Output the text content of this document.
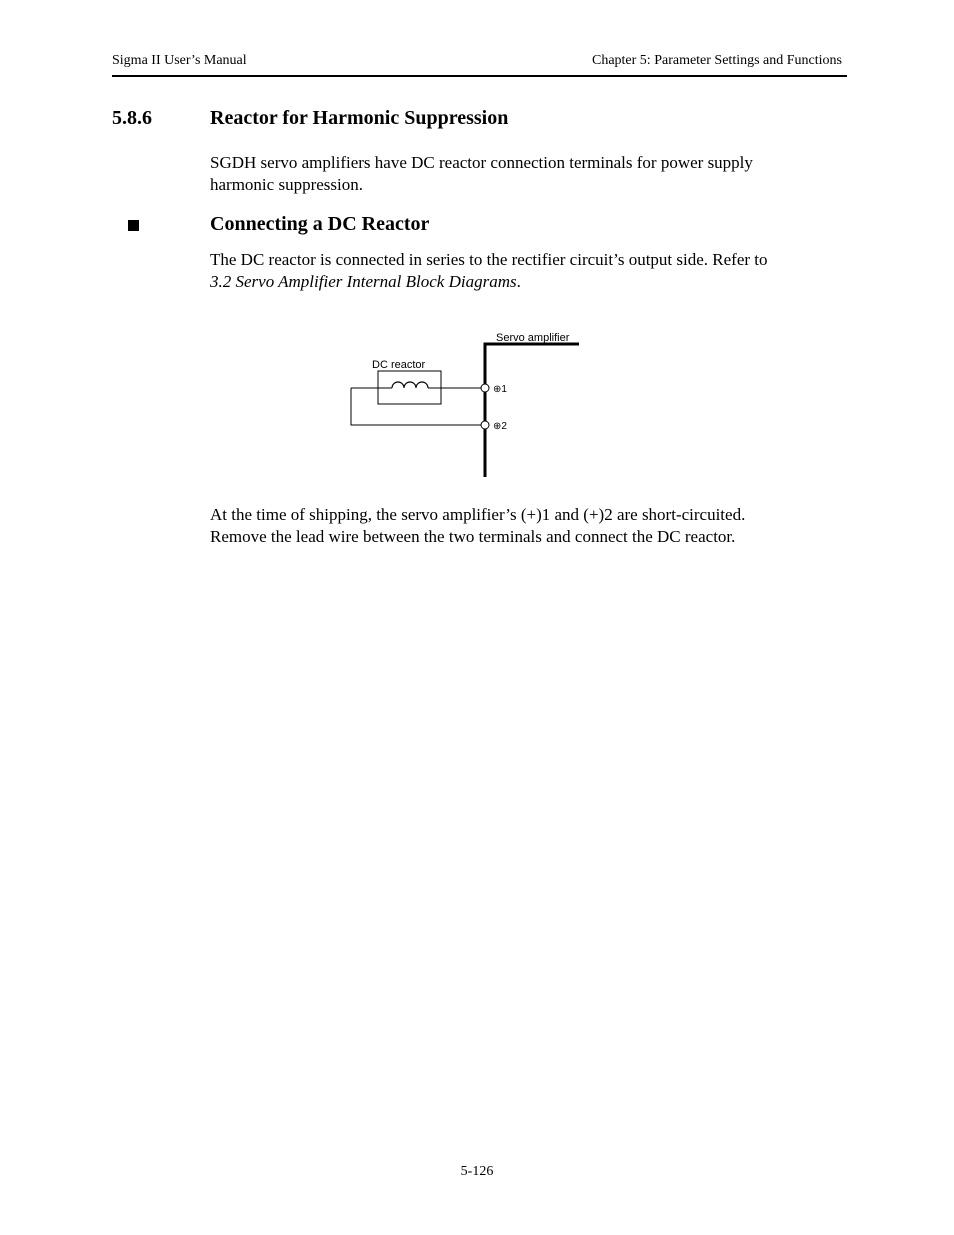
Sigma II User’s Manual	Chapter 5: Parameter Settings and Functions
5.8.6	Reactor for Harmonic Suppression
SGDH servo amplifiers have DC reactor connection terminals for power supply
harmonic suppression.
Connecting a DC Reactor
The DC reactor is connected in series to the rectifier circuit’s output side. Refer to
3.2 Servo Amplifier Internal Block Diagrams.
Servo amplifier
DC reactor
⊕1
⊕2
At the time of shipping, the servo amplifier’s (+)1 and (+)2 are short-circuited.
Remove the lead wire between the two terminals and connect the DC reactor.
5-126
